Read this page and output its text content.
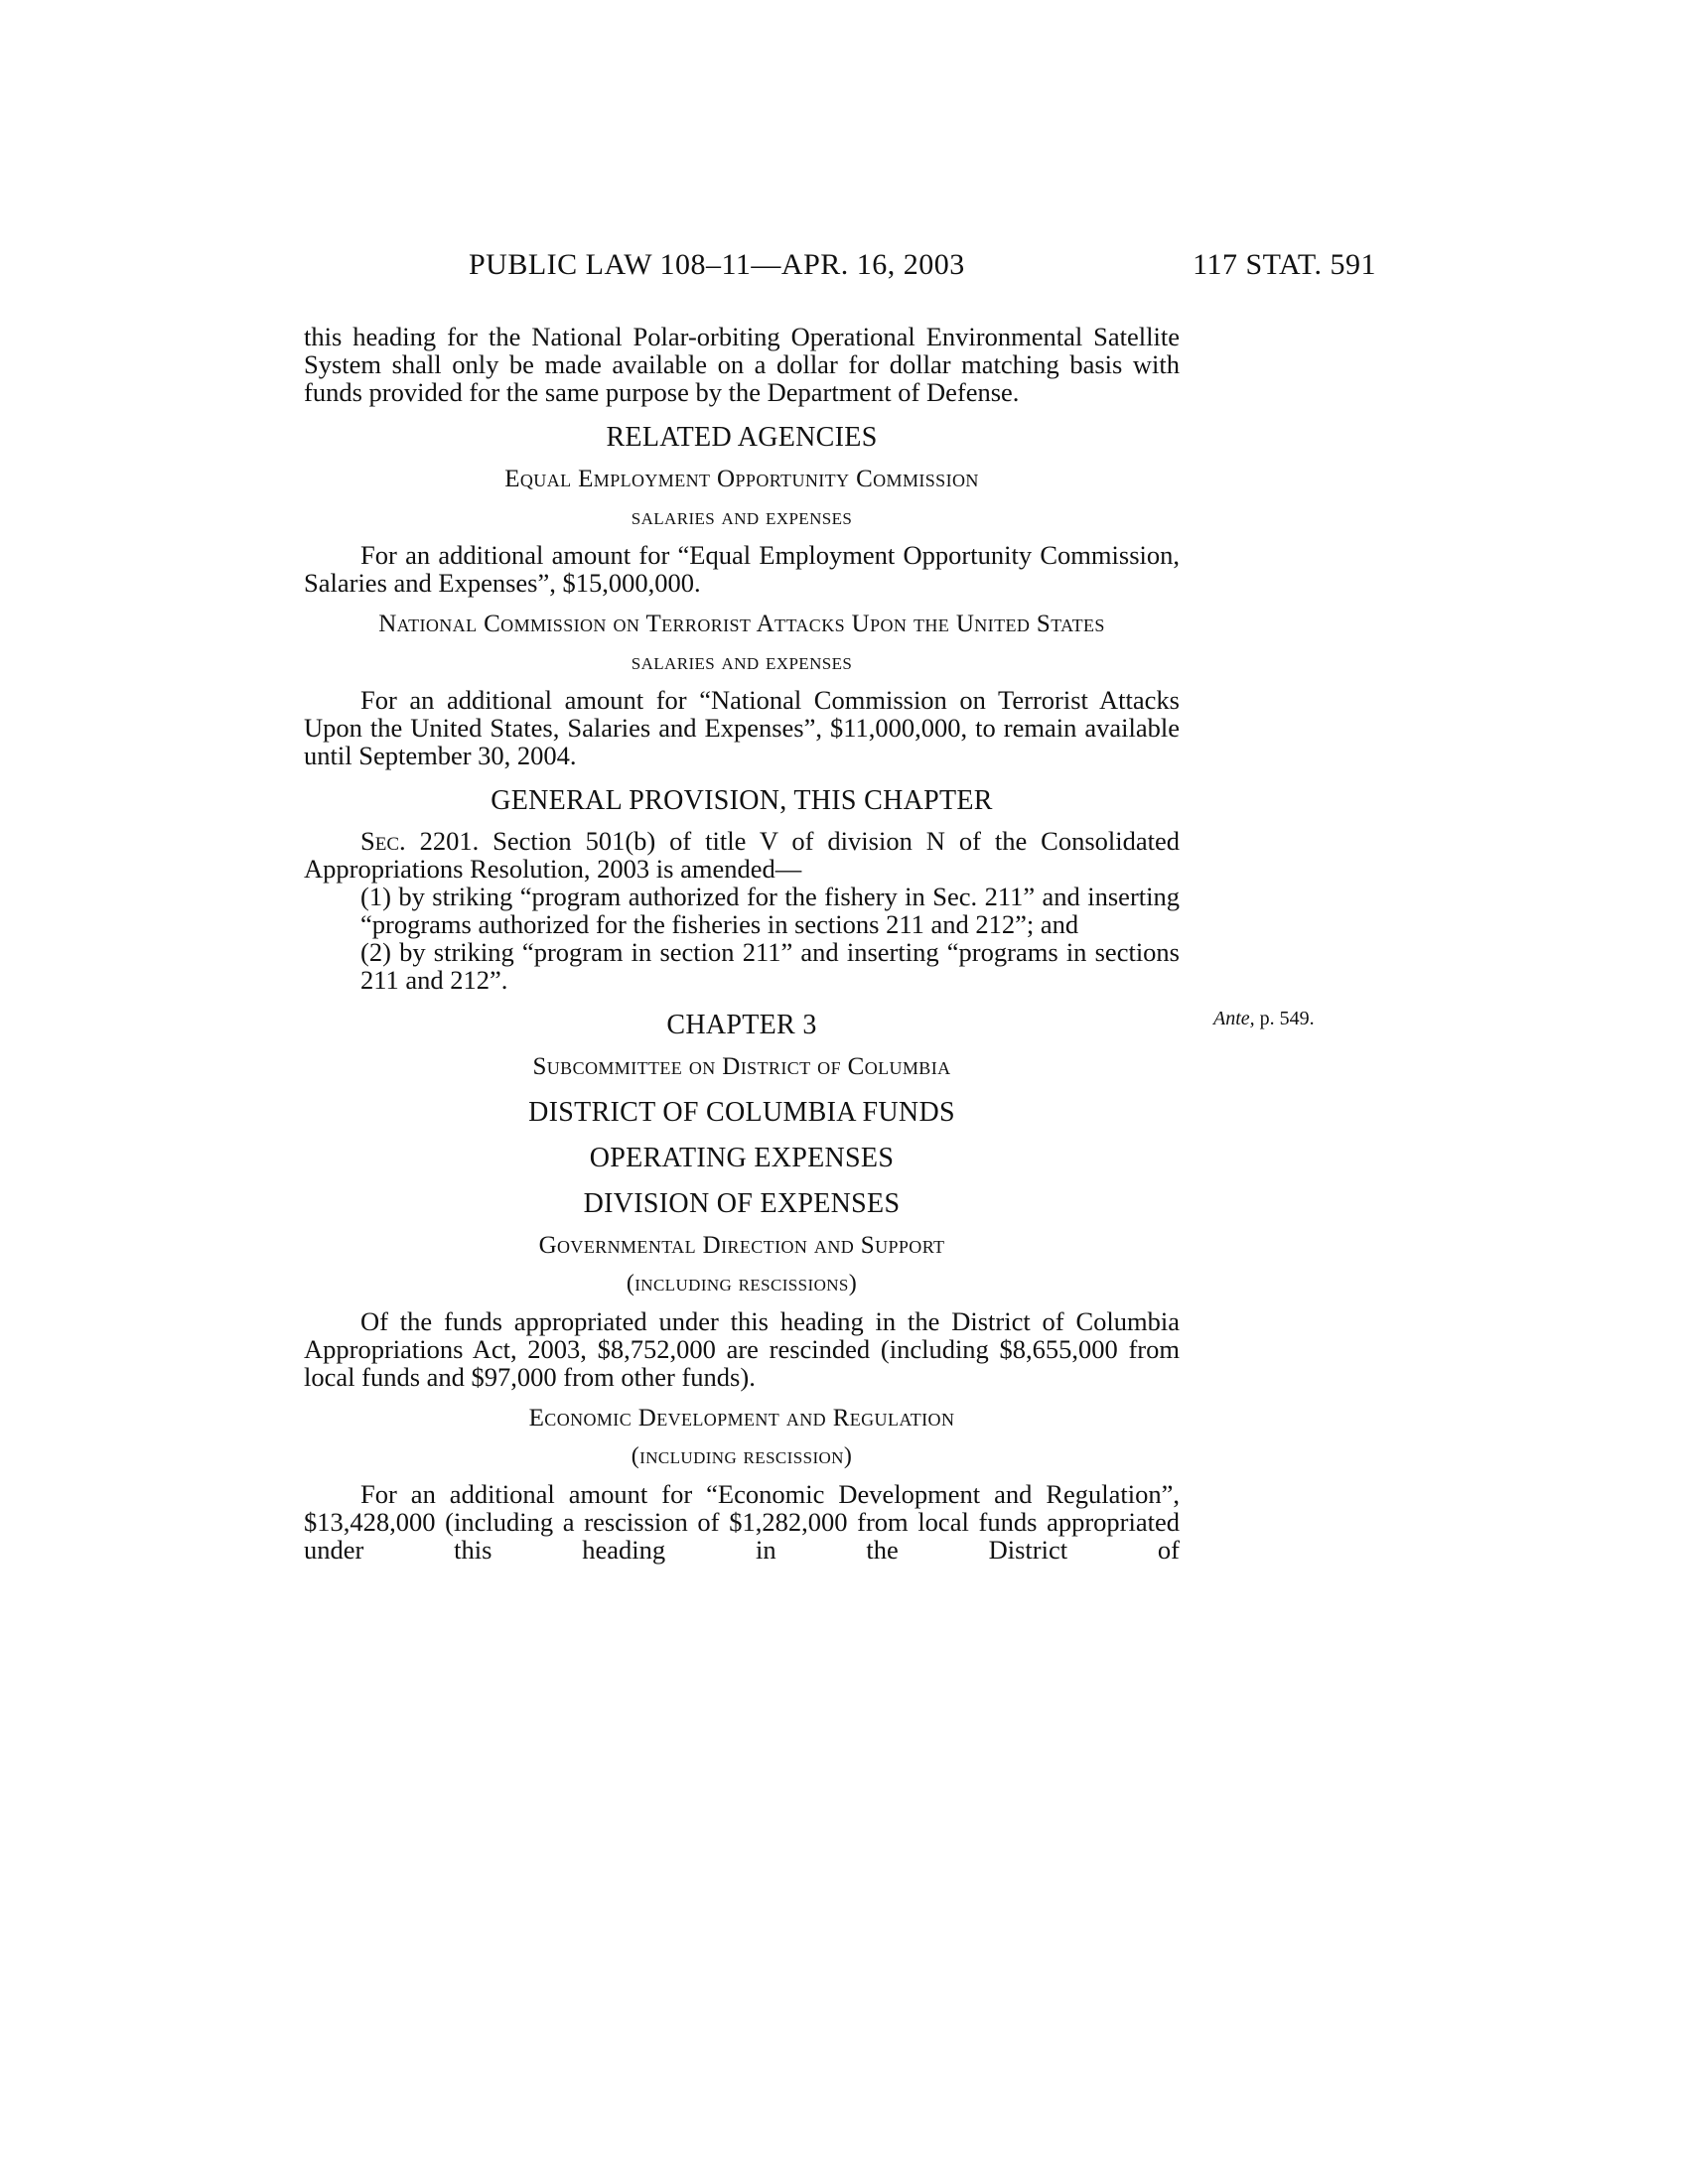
PUBLIC LAW 108–11—APR. 16, 2003	117 STAT. 591

this heading for the National Polar-orbiting Operational Environmental Satellite System shall only be made available on a dollar for dollar matching basis with funds provided for the same purpose by the Department of Defense.

RELATED AGENCIES
Equal Employment Opportunity Commission
salaries and expenses

For an additional amount for “Equal Employment Opportunity Commission, Salaries and Expenses”, $15,000,000.

National Commission on Terrorist Attacks Upon the United States
salaries and expenses

For an additional amount for “National Commission on Terrorist Attacks Upon the United States, Salaries and Expenses”, $11,000,000, to remain available until September 30, 2004.

GENERAL PROVISION, THIS CHAPTER

Sec. 2201. Section 501(b) of title V of division N of the Consolidated Appropriations Resolution, 2003 is amended—

(1) by striking “program authorized for the fishery in Sec. 211” and inserting “programs authorized for the fisheries in sections 211 and 212”; and

(2) by striking “program in section 211” and inserting “programs in sections 211 and 212”.

CHAPTER 3
Subcommittee on District of Columbia
DISTRICT OF COLUMBIA FUNDS
OPERATING EXPENSES
DIVISION OF EXPENSES
Governmental Direction and Support
(including rescissions)

Of the funds appropriated under this heading in the District of Columbia Appropriations Act, 2003, $8,752,000 are rescinded (including $8,655,000 from local funds and $97,000 from other funds).

Economic Development and Regulation
(including rescission)

For an additional amount for “Economic Development and Regulation”, $13,428,000 (including a rescission of $1,282,000 from local funds appropriated under this heading in the District of

Ante, p. 549.
